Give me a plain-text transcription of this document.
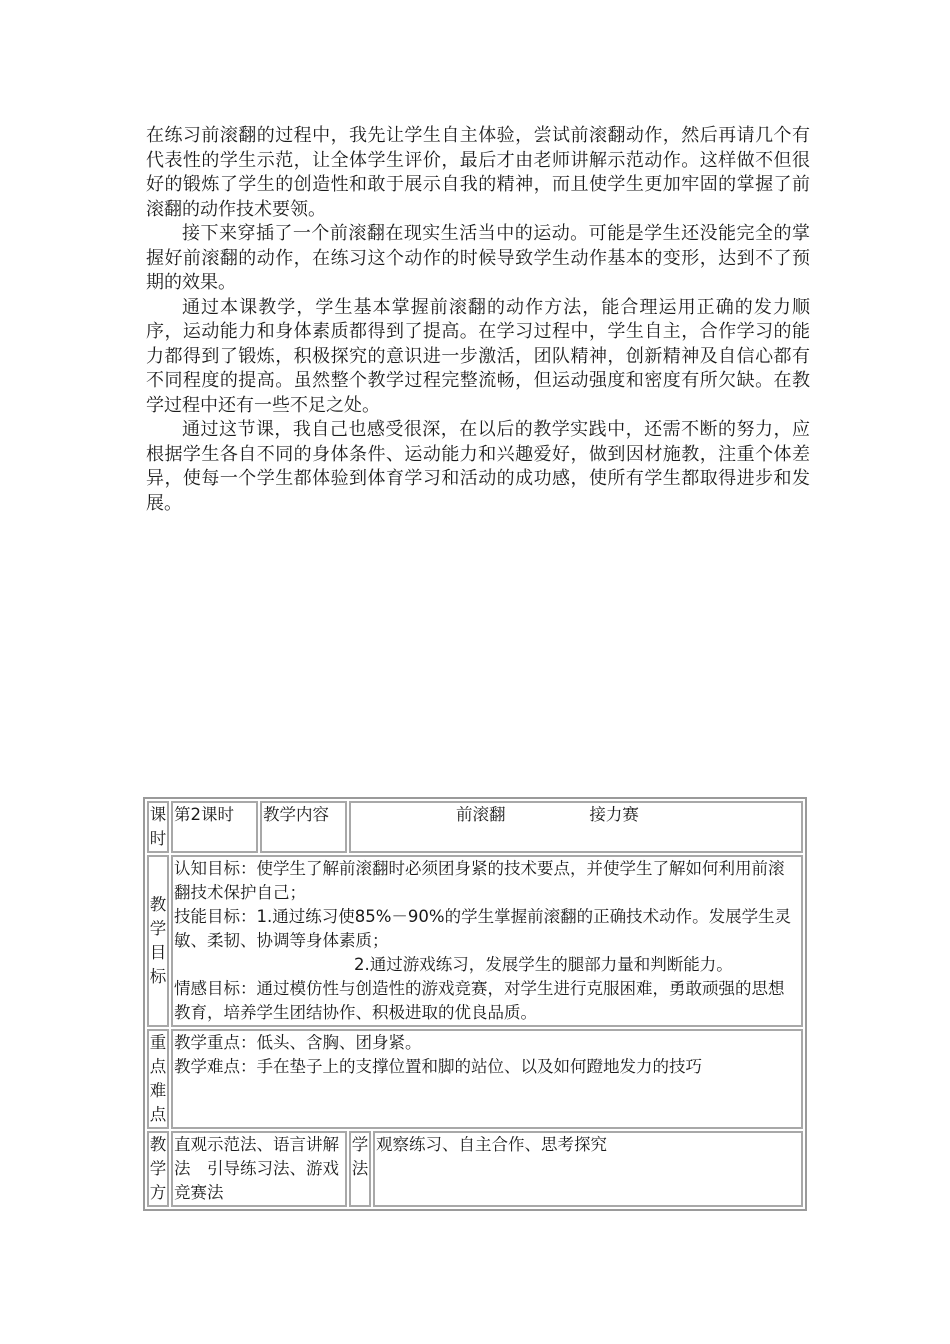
在练习前滚翻的过程中，我先让学生自主体验，尝试前滚翻动作，然后再请几个有代表性的学生示范，让全体学生评价，最后才由老师讲解示范动作。这样做不但很好的锻炼了学生的创造性和敢于展示自我的精神，而且使学生更加牢固的掌握了前滚翻的动作技术要领。

接下来穿插了一个前滚翻在现实生活当中的运动。可能是学生还没能完全的掌握好前滚翻的动作，在练习这个动作的时候导致学生动作基本的变形，达到不了预期的效果。

通过本课教学，学生基本掌握前滚翻的动作方法，能合理运用正确的发力顺序，运动能力和身体素质都得到了提高。在学习过程中，学生自主，合作学习的能力都得到了锻炼，积极探究的意识进一步激活，团队精神，创新精神及自信心都有不同程度的提高。虽然整个教学过程完整流畅，但运动强度和密度有所欠缺。在教学过程中还有一些不足之处。

通过这节课，我自己也感受很深，在以后的教学实践中，还需不断的努力，应根据学生各自不同的身体条件、运动能力和兴趣爱好，做到因材施教，注重个体差异，使每一个学生都体验到体育学习和活动的成功感，使所有学生都取得进步和发展。

课时	第2课时	教学内容	前滚翻                接力赛	
教学目标	认知目标：使学生了解前滚翻时必须团身紧的技术要点，并使学生了解如何利用前滚翻技术保护自己；
技能目标：1.通过练习使85%－90%的学生掌握前滚翻的正确技术动作。发展学生灵敏、柔韧、协调等身体素质；
2.通过游戏练习，发展学生的腿部力量和判断能力。
情感目标：通过模仿性与创造性的游戏竞赛，对学生进行克服困难，勇敢顽强的思想教育，培养学生团结协作、积极进取的优良品质。			

重点难点	教学重点：低头、含胸、团身紧。
教学难点：手在垫子上的支撑位置和脚的站位、以及如何蹬地发力的技巧			

教学方	直观示范法、语言讲解法　引导练习法、游戏竞赛法		学法	观察练习、自主合作、思考探究
